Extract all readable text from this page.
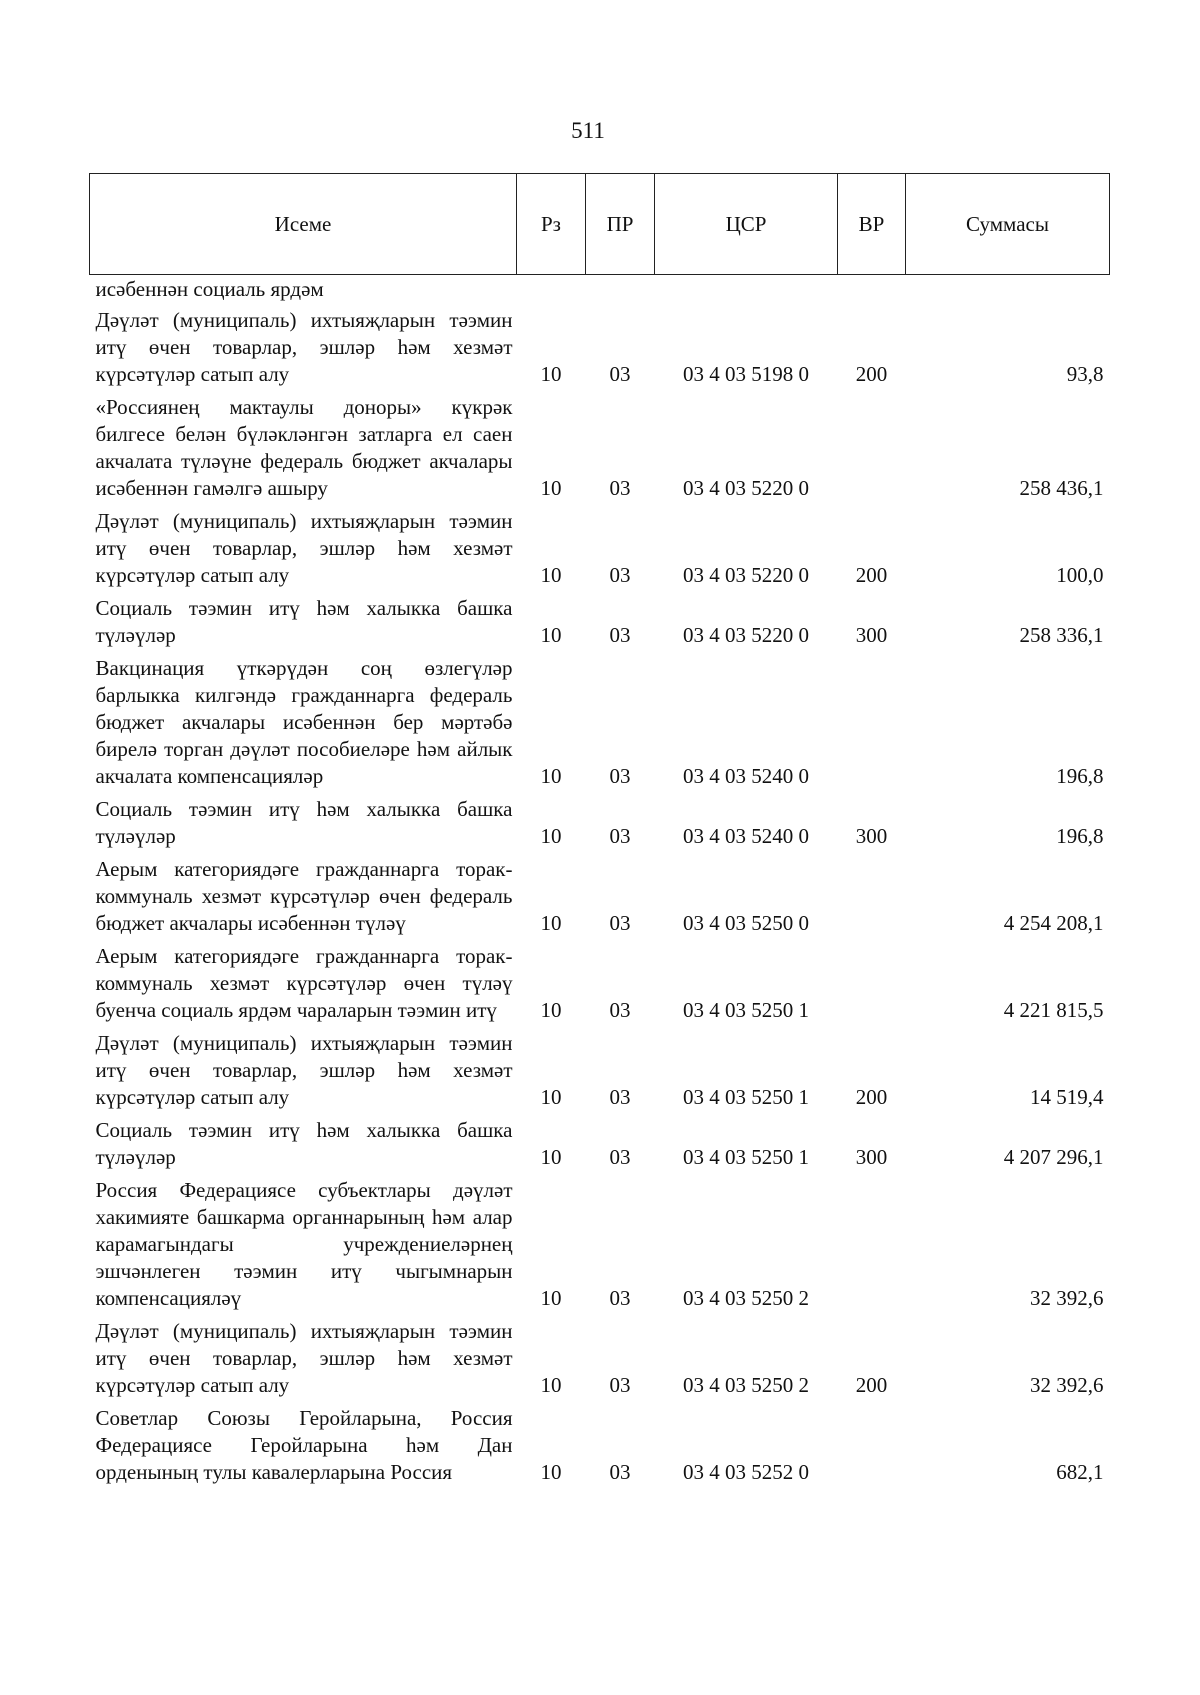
511
Исеме	Рз	ПР	ЦСР	ВР	Суммасы
исәбеннән социаль ярдәм					
Дәүләт (муниципаль) ихтыяҗларын тәэмин итү өчен товарлар, эшләр һәм хезмәт күрсәтүләр сатып алу	10	03	03 4 03 5198 0	200	93,8
«Россиянең мактаулы доноры» күкрәк билгесе белән бүләкләнгән затларга ел саен акчалата түләүне федераль бюджет акчалары исәбеннән гамәлгә ашыру	10	03	03 4 03 5220 0		258 436,1
Дәүләт (муниципаль) ихтыяҗларын тәэмин итү өчен товарлар, эшләр һәм хезмәт күрсәтүләр сатып алу	10	03	03 4 03 5220 0	200	100,0
Социаль тәэмин итү һәм халыкка башка түләүләр	10	03	03 4 03 5220 0	300	258 336,1
Вакцинация үткәрүдән соң өзлегүләр барлыкка килгәндә гражданнарга федераль бюджет акчалары исәбеннән бер мәртәбә бирелә торган дәүләт пособиеләре һәм айлык акчалата компенсацияләр	10	03	03 4 03 5240 0		196,8
Социаль тәэмин итү һәм халыкка башка түләүләр	10	03	03 4 03 5240 0	300	196,8
Аерым категориядәге гражданнарга торак-коммуналь хезмәт күрсәтүләр өчен федераль бюджет акчалары исәбеннән түләү	10	03	03 4 03 5250 0		4 254 208,1
Аерым категориядәге гражданнарга торак-коммуналь хезмәт күрсәтүләр өчен түләү буенча социаль ярдәм чараларын тәэмин итү	10	03	03 4 03 5250 1		4 221 815,5
Дәүләт (муниципаль) ихтыяҗларын тәэмин итү өчен товарлар, эшләр һәм хезмәт күрсәтүләр сатып алу	10	03	03 4 03 5250 1	200	14 519,4
Социаль тәэмин итү һәм халыкка башка түләүләр	10	03	03 4 03 5250 1	300	4 207 296,1
Россия Федерациясе субъектлары дәүләт хакимияте башкарма органнарының һәм алар карамагындагы учреждениеләрнең эшчәнлеген тәэмин итү чыгымнарын компенсацияләү	10	03	03 4 03 5250 2		32 392,6
Дәүләт (муниципаль) ихтыяҗларын тәэмин итү өчен товарлар, эшләр һәм хезмәт күрсәтүләр сатып алу	10	03	03 4 03 5250 2	200	32 392,6
Советлар Союзы Геройларына, Россия Федерациясе Геройларына һәм Дан орденының тулы кавалерларына Россия	10	03	03 4 03 5252 0		682,1
